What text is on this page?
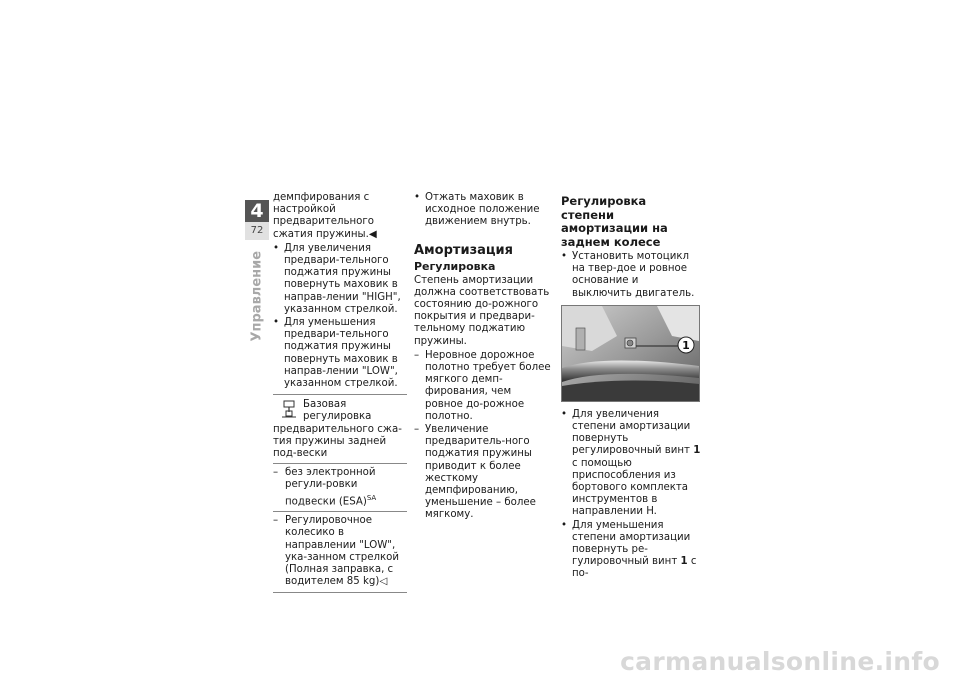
4
72
Управление

демпфирования с настройкой предварительного сжатия пружины.◀

• Для увеличения предвари-тельного поджатия пружины повернуть маховик в направ-лении "HIGH", указанном стрелкой.
• Для уменьшения предвари-тельного поджатия пружины повернуть маховик в направ-лении "LOW", указанном стрелкой.
Базовая регулировка предварительного сжа-тия пружины задней под-вески
– без электронной регули-ровки подвески (ESA)$^{SA}$
– Регулировочное колесико в направлении "LOW", ука-занном стрелкой (Полная заправка, с водителем 85 kg)◁
• Отжать маховик в исходное положение движением внутрь.
Амортизация
Регулировка

Степень амортизации должна соответствовать состоянию до-рожного покрытия и предвари-тельному поджатию пружины.

– Неровное дорожное полотно требует более мягкого демп-фирования, чем ровное до-рожное полотно.
– Увеличение предваритель-ного поджатия пружины приводит к более жесткому демпфированию, уменьшение – более мягкому.
Регулировка степени амортизации на заднем колесе
• Установить мотоцикл на твер-дое и ровное основание и выключить двигатель.
1
• Для увеличения степени амортизации повернуть регулировочный винт 1 с помощью приспособления из бортового комплекта инструментов в направлении H.
• Для уменьшения степени амортизации повернуть ре-гулировочный винт 1 с по-
carmanualsonline.info
